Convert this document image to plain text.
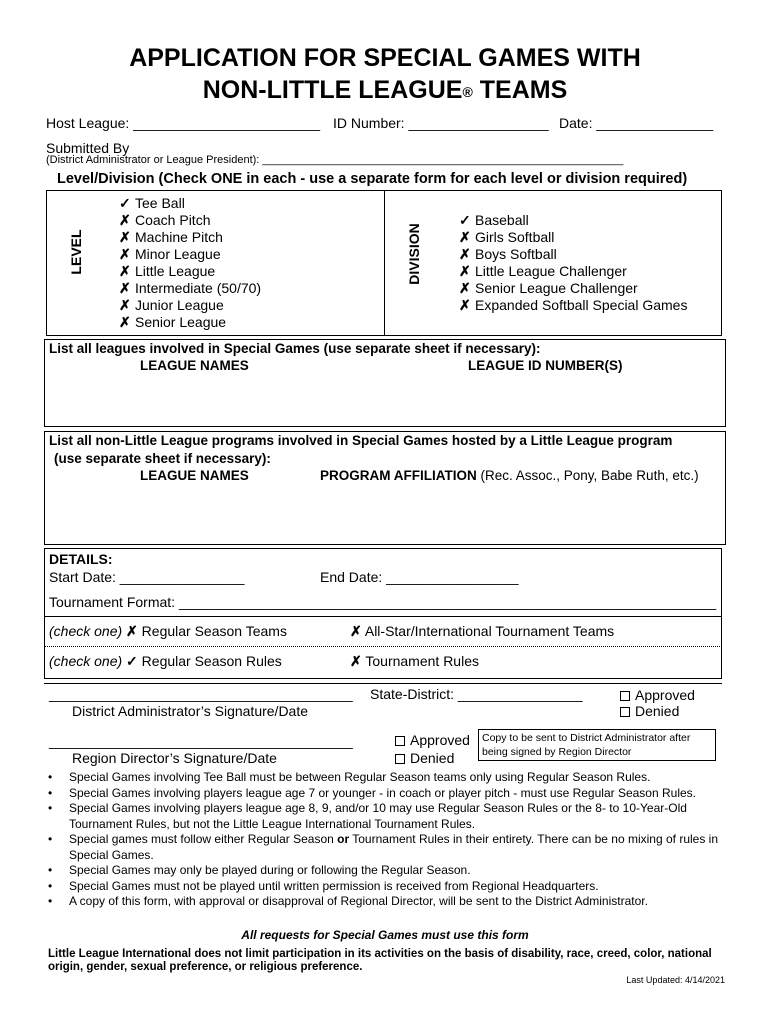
APPLICATION FOR SPECIAL GAMES WITH
NON-LITTLE LEAGUE® TEAMS
Host League: ________________________ ID Number: __________________ Date: _______________
Submitted By
(District Administrator or League President): ___________________________________________________________
Level/Division (Check ONE in each - use a separate form for each level or division required)
LEVEL	DIVISION
✓ Tee Ball
✗ Coach Pitch
✗ Machine Pitch
✗ Minor League
✗ Little League
✗ Intermediate (50/70)
✗ Junior League
✗ Senior League
✓ Baseball
✗ Girls Softball
✗ Boys Softball
✗ Little League Challenger
✗ Senior League Challenger
✗ Expanded Softball Special Games
List all leagues involved in Special Games (use separate sheet if necessary):
LEAGUE NAMES	LEAGUE ID NUMBER(S)
List all non-Little League programs involved in Special Games hosted by a Little League program
(use separate sheet if necessary):
LEAGUE NAMES	PROGRAM AFFILIATION (Rec. Assoc., Pony, Babe Ruth, etc.)
DETAILS:
Start Date: ________________	End Date: _________________
Tournament Format: _____________________________________________________________________
(check one) ✗ Regular Season Teams	✗ All-Star/International Tournament Teams
(check one) ✓ Regular Season Rules	✗ Tournament Rules
_______________________________________
District Administrator’s Signature/Date
State-District: ________________	Approved
Denied
_______________________________________
Region Director’s Signature/Date
Approved
Denied
Copy to be sent to District Administrator after being signed by Region Director
• Special Games involving Tee Ball must be between Regular Season teams only using Regular Season Rules.
• Special Games involving players league age 7 or younger - in coach or player pitch - must use Regular Season Rules.
• Special Games involving players league age 8, 9, and/or 10 may use Regular Season Rules or the 8- to 10-Year-Old Tournament Rules, but not the Little League International Tournament Rules.
• Special games must follow either Regular Season or Tournament Rules in their entirety. There can be no mixing of rules in Special Games.
• Special Games may only be played during or following the Regular Season.
• Special Games must not be played until written permission is received from Regional Headquarters.
• A copy of this form, with approval or disapproval of Regional Director, will be sent to the District Administrator.
All requests for Special Games must use this form
Little League International does not limit participation in its activities on the basis of disability, race, creed, color, national origin, gender, sexual preference, or religious preference.
Last Updated: 4/14/2021
